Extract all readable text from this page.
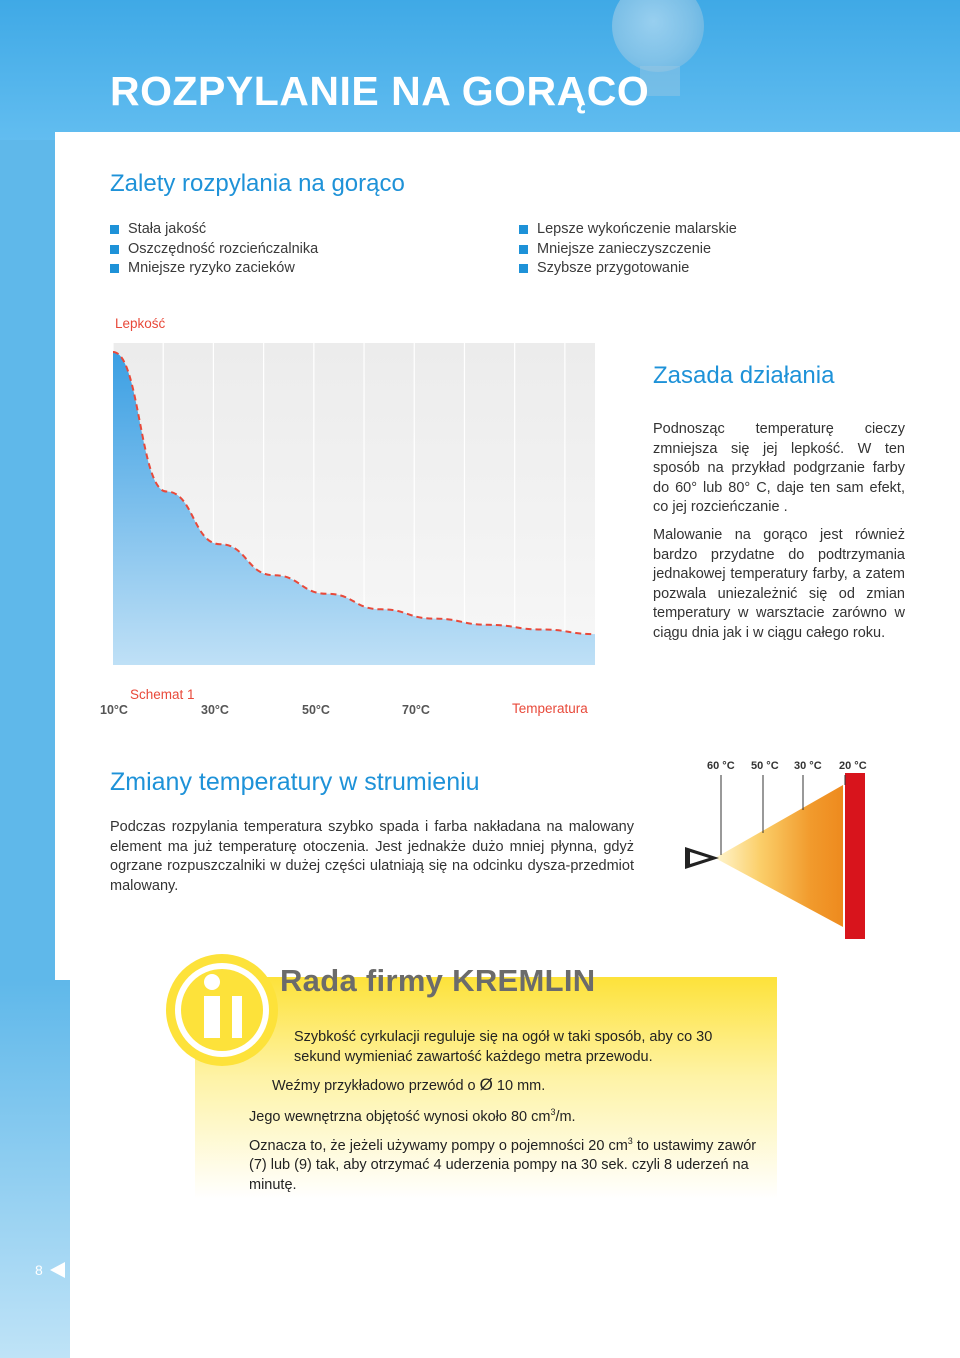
ROZPYLANIE NA GORĄCO
Zalety rozpylania na gorąco
Stała jakość
Oszczędność rozcieńczalnika
Mniejsze ryzyko zacieków
Lepsze wykończenie malarskie
Mniejsze zanieczyszczenie
Szybsze przygotowanie
Lepkość
10°C	30°C	50°C	70°C
Schemat 1
Temperatura
Zasada działania

Podnosząc temperaturę cieczy zmniejsza się jej lepkość. W ten sposób na przykład podgrzanie farby do 60° lub 80° C, daje ten sam efekt, co jej rozcieńczanie .

Malowanie na gorąco jest również bardzo przydatne do podtrzymania jednakowej temperatury farby, a zatem pozwala uniezależnić się od zmian temperatury w warsztacie zarówno w ciągu dnia jak i w ciągu całego roku.

Zmiany temperatury w strumieniu

Podczas rozpylania temperatura szybko spada i farba nakładana na malowany element ma już temperaturę otoczenia. Jest jednakże dużo mniej płynna, gdyż ogrzane rozpuszczalniki w dużej części ulatniają się na odcinku dysza-przedmiot malowany.

60 °C 50 °C 30 °C 20 °C
Rada firmy KREMLIN

Szybkość cyrkulacji reguluje się na ogół w taki sposób, aby co 30 sekund wymieniać zawartość każdego metra przewodu.

Weźmy przykładowo przewód o Ø 10 mm.

Jego wewnętrzna objętość wynosi około 80 $cm^3/m$.

Oznacza to, że jeżeli używamy pompy o pojemności 20 $cm^3$ to ustawimy zawór (7) lub (9) tak, aby otrzymać 4 uderzenia pompy na 30 sek. czyli 8 uderzeń na minutę.

8
